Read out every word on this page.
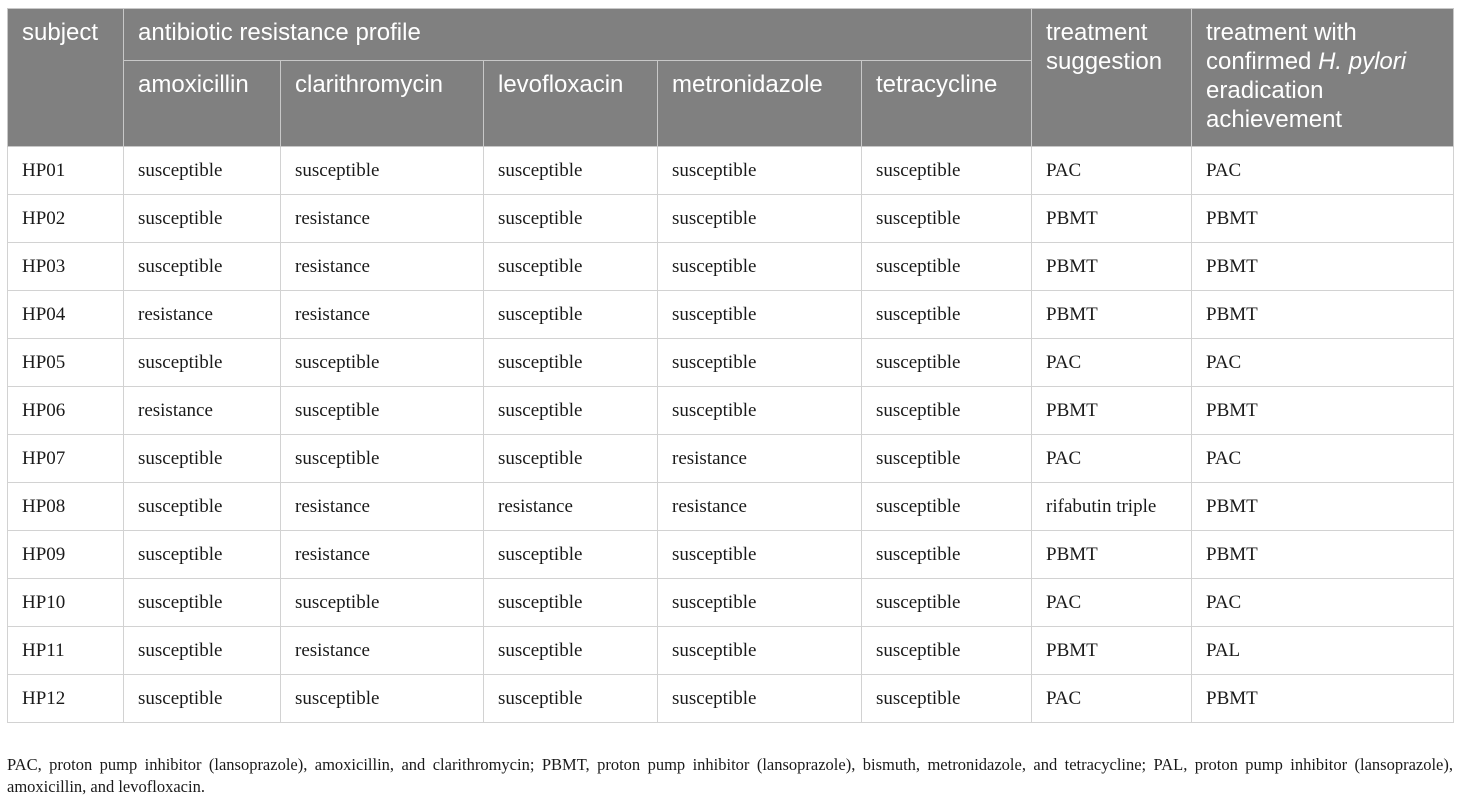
subject	antibiotic resistance profile					treatment suggestion	treatment with confirmed H. pylori eradication achievement
	amoxicillin	clarithromycin	levofloxacin	metronidazole	tetracycline		
HP01	susceptible	susceptible	susceptible	susceptible	susceptible	PAC	PAC
HP02	susceptible	resistance	susceptible	susceptible	susceptible	PBMT	PBMT
HP03	susceptible	resistance	susceptible	susceptible	susceptible	PBMT	PBMT
HP04	resistance	resistance	susceptible	susceptible	susceptible	PBMT	PBMT
HP05	susceptible	susceptible	susceptible	susceptible	susceptible	PAC	PAC
HP06	resistance	susceptible	susceptible	susceptible	susceptible	PBMT	PBMT
HP07	susceptible	susceptible	susceptible	resistance	susceptible	PAC	PAC
HP08	susceptible	resistance	resistance	resistance	susceptible	rifabutin triple	PBMT
HP09	susceptible	resistance	susceptible	susceptible	susceptible	PBMT	PBMT
HP10	susceptible	susceptible	susceptible	susceptible	susceptible	PAC	PAC
HP11	susceptible	resistance	susceptible	susceptible	susceptible	PBMT	PAL
HP12	susceptible	susceptible	susceptible	susceptible	susceptible	PAC	PBMT

PAC, proton pump inhibitor (lansoprazole), amoxicillin, and clarithromycin; PBMT, proton pump inhibitor (lansoprazole), bismuth, metronidazole, and tetracycline; PAL, proton pump inhibitor (lansoprazole), amoxicillin, and levofloxacin.
